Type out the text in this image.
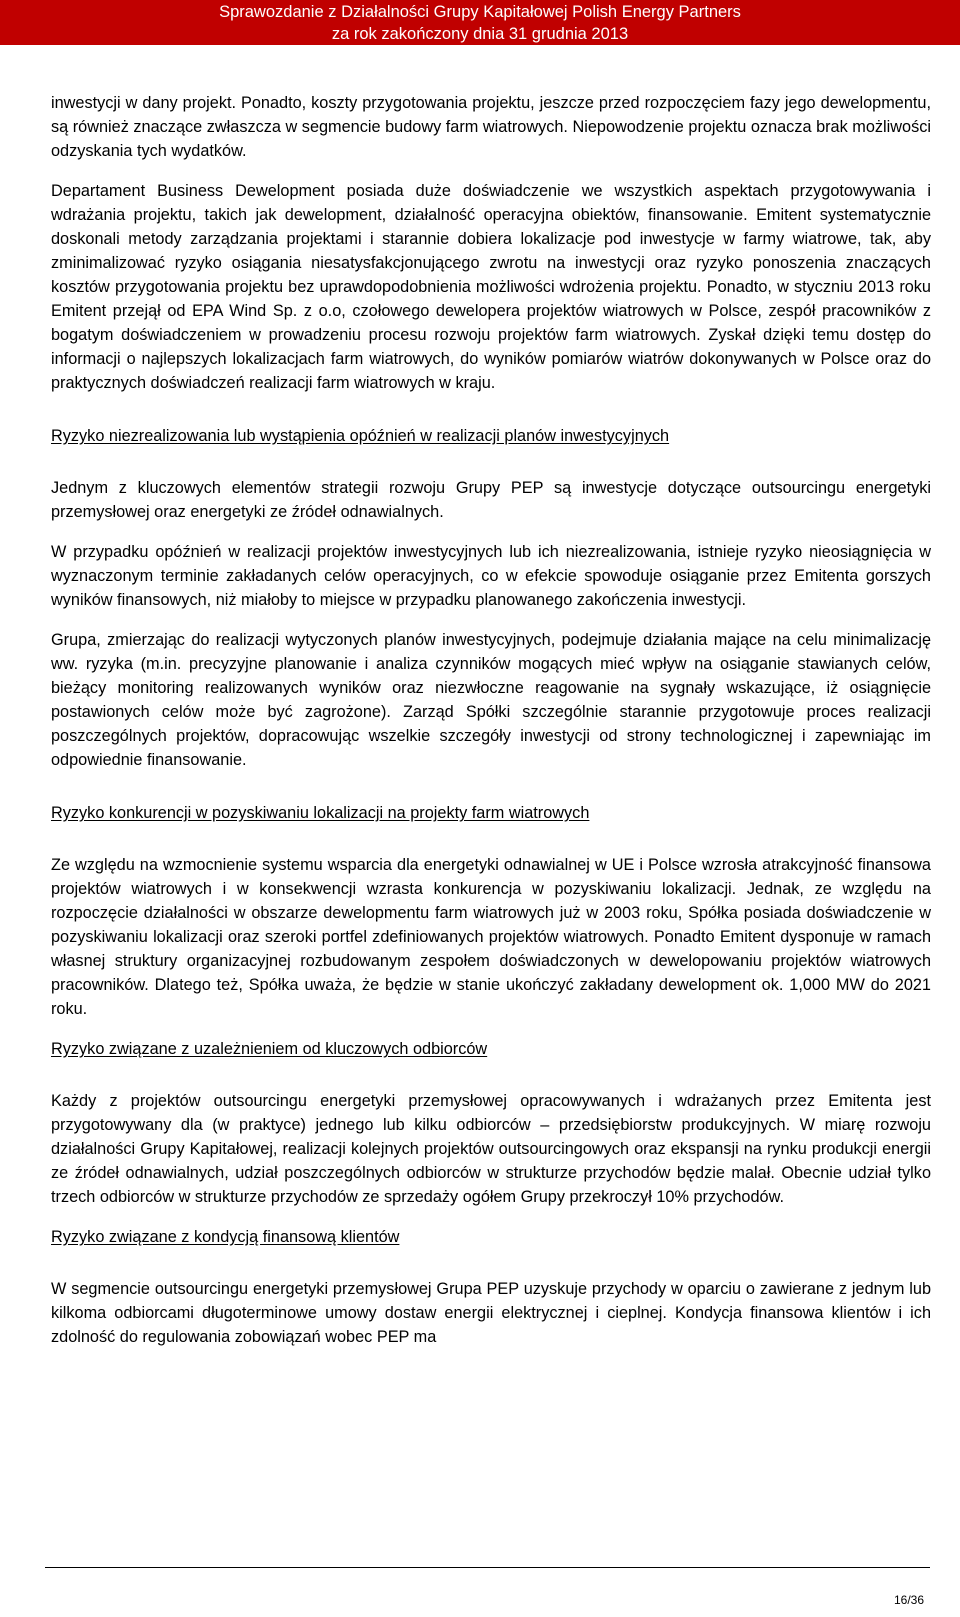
Sprawozdanie z Działalności Grupy Kapitałowej Polish Energy Partners
za rok zakończony dnia 31 grudnia 2013

inwestycji w dany projekt. Ponadto, koszty przygotowania projektu, jeszcze przed rozpoczęciem fazy jego dewelopmentu, są również znaczące zwłaszcza w segmencie budowy farm wiatrowych. Niepowodzenie projektu oznacza brak możliwości odzyskania tych wydatków.

Departament Business Dewelopment posiada duże doświadczenie we wszystkich aspektach przygotowywania i wdrażania projektu, takich jak dewelopment, działalność operacyjna obiektów, finansowanie. Emitent systematycznie doskonali metody zarządzania projektami i starannie dobiera lokalizacje pod inwestycje w farmy wiatrowe, tak, aby zminimalizować ryzyko osiągania niesatysfakcjonującego zwrotu na inwestycji oraz ryzyko ponoszenia znaczących kosztów przygotowania projektu bez uprawdopodobnienia możliwości wdrożenia projektu. Ponadto, w styczniu 2013 roku Emitent przejął od EPA Wind Sp. z o.o, czołowego dewelopera projektów wiatrowych w Polsce, zespół pracowników z bogatym doświadczeniem w prowadzeniu procesu rozwoju projektów farm wiatrowych. Zyskał dzięki temu dostęp do informacji o najlepszych lokalizacjach farm wiatrowych, do wyników pomiarów wiatrów dokonywanych w Polsce oraz do praktycznych doświadczeń realizacji farm wiatrowych w kraju.

Ryzyko niezrealizowania lub wystąpienia opóźnień w realizacji planów inwestycyjnych

Jednym z kluczowych elementów strategii rozwoju Grupy PEP są inwestycje dotyczące outsourcingu energetyki przemysłowej oraz energetyki ze źródeł odnawialnych.

W przypadku opóźnień w realizacji projektów inwestycyjnych lub ich niezrealizowania, istnieje ryzyko nieosiągnięcia w wyznaczonym terminie zakładanych celów operacyjnych, co w efekcie spowoduje osiąganie przez Emitenta gorszych wyników finansowych, niż miałoby to miejsce w przypadku planowanego zakończenia inwestycji.

Grupa, zmierzając do realizacji wytyczonych planów inwestycyjnych, podejmuje działania mające na celu minimalizację ww. ryzyka (m.in. precyzyjne planowanie i analiza czynników mogących mieć wpływ na osiąganie stawianych celów, bieżący monitoring realizowanych wyników oraz niezwłoczne reagowanie na sygnały wskazujące, iż osiągnięcie postawionych celów może być zagrożone). Zarząd Spółki szczególnie starannie przygotowuje proces realizacji poszczególnych projektów, dopracowując wszelkie szczegóły inwestycji od strony technologicznej i zapewniając im odpowiednie finansowanie.

Ryzyko konkurencji w pozyskiwaniu lokalizacji na projekty farm wiatrowych

Ze względu na wzmocnienie systemu wsparcia dla energetyki odnawialnej w UE i Polsce wzrosła atrakcyjność finansowa projektów wiatrowych i w konsekwencji wzrasta konkurencja w pozyskiwaniu lokalizacji. Jednak, ze względu na rozpoczęcie działalności w obszarze dewelopmentu farm wiatrowych już w 2003 roku, Spółka posiada doświadczenie w pozyskiwaniu lokalizacji oraz szeroki portfel zdefiniowanych projektów wiatrowych. Ponadto Emitent dysponuje w ramach własnej struktury organizacyjnej rozbudowanym zespołem doświadczonych w dewelopowaniu projektów wiatrowych pracowników. Dlatego też, Spółka uważa, że będzie w stanie ukończyć zakładany dewelopment ok. 1,000 MW do 2021 roku.

Ryzyko związane z uzależnieniem od kluczowych odbiorców

Każdy z projektów outsourcingu energetyki przemysłowej opracowywanych i wdrażanych przez Emitenta jest przygotowywany dla (w praktyce) jednego lub kilku odbiorców – przedsiębiorstw produkcyjnych. W miarę rozwoju działalności Grupy Kapitałowej, realizacji kolejnych projektów outsourcingowych oraz ekspansji na rynku produkcji energii ze źródeł odnawialnych, udział poszczególnych odbiorców w strukturze przychodów będzie malał. Obecnie udział tylko trzech odbiorców w strukturze przychodów ze sprzedaży ogółem Grupy przekroczył 10% przychodów.

Ryzyko związane z kondycją finansową klientów

W segmencie outsourcingu energetyki przemysłowej Grupa PEP uzyskuje przychody w oparciu o zawierane z jednym lub kilkoma odbiorcami długoterminowe umowy dostaw energii elektrycznej i cieplnej. Kondycja finansowa klientów i ich zdolność do regulowania zobowiązań wobec PEP ma

16/36
